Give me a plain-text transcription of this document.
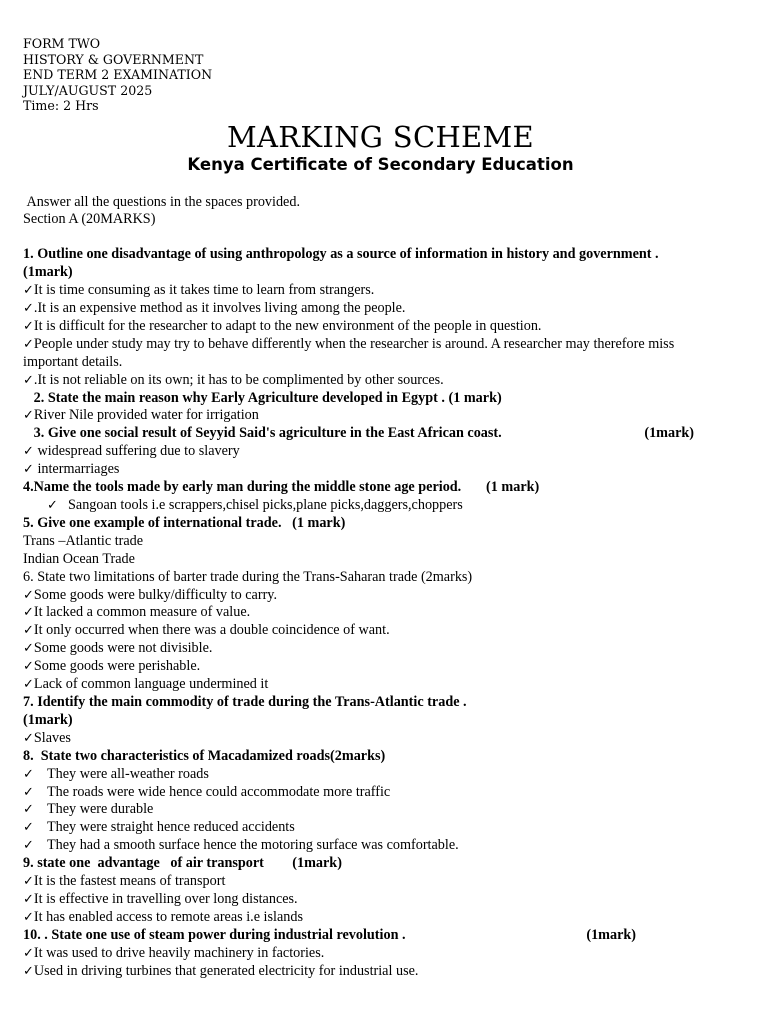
FORM TWO
HISTORY & GOVERNMENT
END TERM 2 EXAMINATION
JULY/AUGUST 2025
Time: 2 Hrs
MARKING SCHEME
Kenya Certificate of Secondary Education
Answer all the questions in the spaces provided.
Section A (20MARKS)
1. Outline one disadvantage of using anthropology as a source of information in history and government .
(1mark)
✓It is time consuming as it takes time to learn from strangers.
✓.It is an expensive method as it involves living among the people.
✓It is difficult for the researcher to adapt to the new environment of the people in question.
✓People under study may try to behave differently when the researcher is around. A researcher may therefore miss
important details.
✓.It is not reliable on its own; it has to be complimented by other sources.
2. State the main reason why Early Agriculture developed in Egypt . (1 mark)
✓River Nile provided water for irrigation
3. Give one social result of Seyyid Said's agriculture in the East African coast.	(1mark)
✓ widespread suffering due to slavery
✓ intermarriages
4.Name the tools made by early man during the middle stone age period.       (1 mark)
✓ Sangoan tools i.e scrappers,chisel picks,plane picks,daggers,choppers
5. Give one example of international trade.   (1 mark)
Trans –Atlantic trade
Indian Ocean Trade
6. State two limitations of barter trade during the Trans-Saharan trade (2marks)
✓Some goods were bulky/difficulty to carry.
✓It lacked a common measure of value.
✓It only occurred when there was a double coincidence of want.
✓Some goods were not divisible.
✓Some goods were perishable.
✓Lack of common language undermined it
7. Identify the main commodity of trade during the Trans-Atlantic trade .
(1mark)
✓Slaves
8.  State two characteristics of Macadamized roads(2marks)
✓ They were all-weather roads
✓ The roads were wide hence could accommodate more traffic
✓ They were durable
✓ They were straight hence reduced accidents
✓ They had a smooth surface hence the motoring surface was comfortable.
9. state one  advantage   of air transport        (1mark)
✓It is the fastest means of transport
✓It is effective in travelling over long distances.
✓It has enabled access to remote areas i.e islands
10. . State one use of steam power during industrial revolution .	(1mark)
✓It was used to drive heavily machinery in factories.
✓Used in driving turbines that generated electricity for industrial use.
